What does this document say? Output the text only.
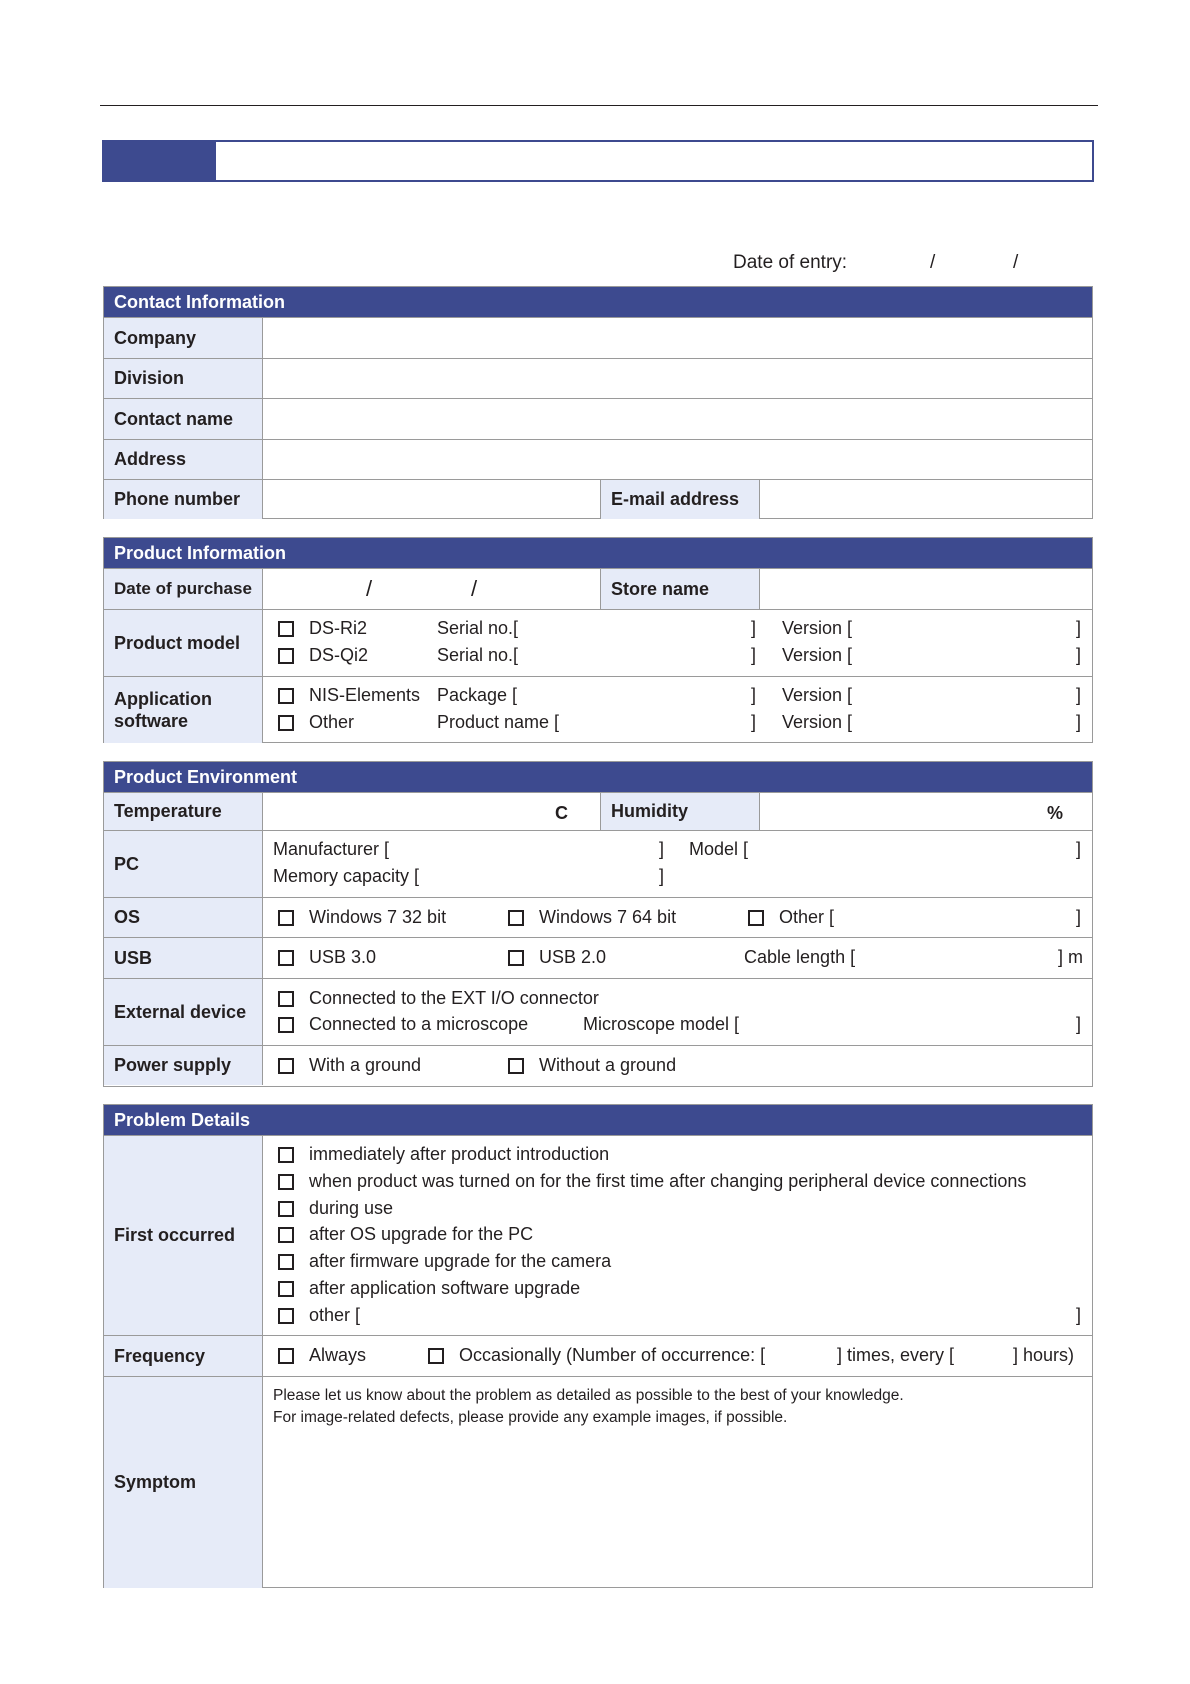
Date of entry:	/	/
Contact Information
Company
Division
Contact name
Address
Phone number	E-mail address
Product Information
Date of purchase	/	/	Store name
Product model
DS-Ri2	Serial no.[	] Version [	]
DS-Qi2	Serial no.[	] Version [	]
Application
software
NIS-Elements Package [	] Version [	]
Other	Product name [	] Version [	]
Product Environment
Temperature	C	Humidity	%
PC
Manufacturer [	] Model [	]
Memory capacity [	]
OS	Windows 7 32 bit	Windows 7 64 bit	Other [	]
USB	USB 3.0	USB 2.0	Cable length [	] m
External device
Connected to the EXT I/O connector
Connected to a microscope	Microscope model [	]
Power supply	With a ground	Without a ground
Problem Details
First occurred
immediately after product introduction
when product was turned on for the first time after changing peripheral device connections
during use
after OS upgrade for the PC
after firmware upgrade for the camera
after application software upgrade
other [	]
Frequency	Always	Occasionally (Number of occurrence: [	] times, every [	] hours)
Symptom
Please let us know about the problem as detailed as possible to the best of your knowledge.
For image-related defects, please provide any example images, if possible.
